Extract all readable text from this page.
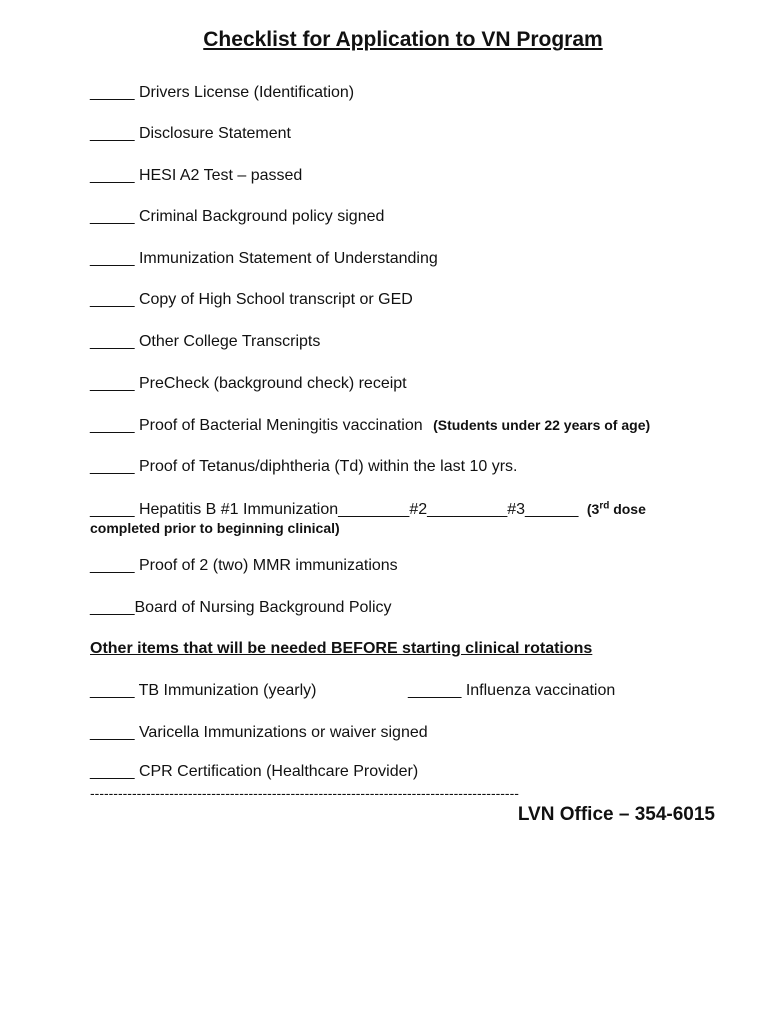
Checklist for Application to VN Program
_____ Drivers License (Identification)
_____ Disclosure Statement
_____ HESI A2 Test – passed
_____ Criminal Background policy signed
_____ Immunization Statement of Understanding
_____ Copy of High School transcript or GED
_____ Other College Transcripts
_____ PreCheck (background check) receipt
_____ Proof of Bacterial Meningitis vaccination (Students under 22 years of age)
_____ Proof of Tetanus/diphtheria (Td) within the last 10 yrs.
_____ Hepatitis B #1 Immunization________#2_________#3______ (3rd dose
completed prior to beginning clinical)
_____ Proof of 2 (two) MMR immunizations
_____Board of Nursing Background Policy
Other items that will be needed BEFORE starting clinical rotations
_____ TB Immunization (yearly)	______ Influenza vaccination
_____ Varicella Immunizations or waiver signed
_____ CPR Certification (Healthcare Provider)
--------------------------------------------------------------------------------------------
LVN Office – 354-6015
